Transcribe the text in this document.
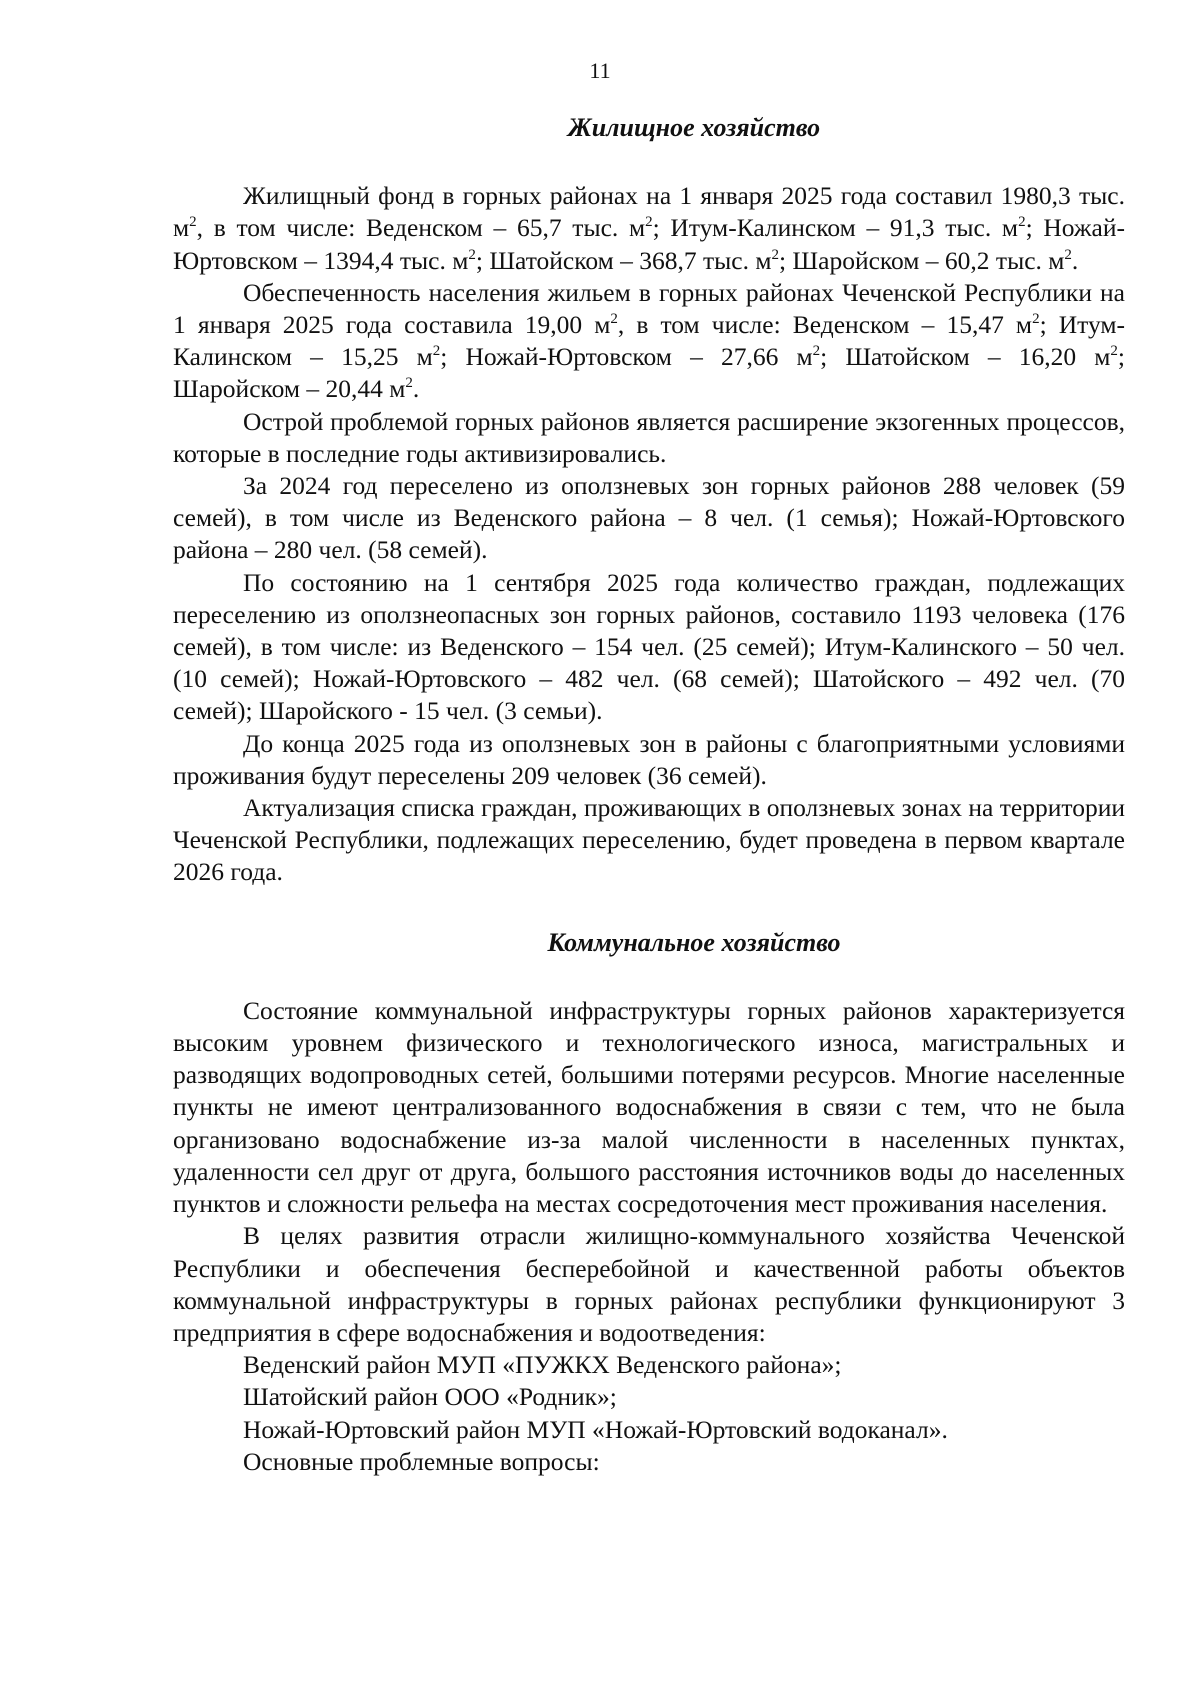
11
Жилищное хозяйство

Жилищный фонд в горных районах на 1 января 2025 года составил 1980,3 тыс. $м^2$, в том числе: Веденском – 65,7 тыс. $м^2$; Итум-Калинском – 91,3 тыс. $м^2$; Ножай-Юртовском – 1394,4 тыс. $м^2$; Шатойском – 368,7 тыс. $м^2$; Шаройском – 60,2 тыс. $м^2$.

Обеспеченность населения жильем в горных районах Чеченской Республики на 1 января 2025 года составила 19,00 $м^2$, в том числе: Веденском – 15,47 $м^2$; Итум-Калинском – 15,25 $м^2$; Ножай-Юртовском – 27,66 $м^2$; Шатойском – 16,20 $м^2$; Шаройском – 20,44 $м^2$.

Острой проблемой горных районов является расширение экзогенных процессов, которые в последние годы активизировались.

За 2024 год переселено из оползневых зон горных районов 288 человек (59 семей), в том числе из Веденского района – 8 чел. (1 семья); Ножай-Юртовского района – 280 чел. (58 семей).

По состоянию на 1 сентября 2025 года количество граждан, подлежащих переселению из оползнеопасных зон горных районов, составило 1193 человека (176 семей), в том числе: из Веденского – 154 чел. (25 семей); Итум-Калинского – 50 чел. (10 семей); Ножай-Юртовского – 482 чел. (68 семей); Шатойского – 492 чел. (70 семей); Шаройского - 15 чел. (3 семьи).

До конца 2025 года из оползневых зон в районы с благоприятными условиями проживания будут переселены 209 человек (36 семей).

Актуализация списка граждан, проживающих в оползневых зонах на территории Чеченской Республики, подлежащих переселению, будет проведена в первом квартале 2026 года.

Коммунальное хозяйство

Состояние коммунальной инфраструктуры горных районов характеризуется высоким уровнем физического и технологического износа, магистральных и разводящих водопроводных сетей, большими потерями ресурсов. Многие населенные пункты не имеют централизованного водоснабжения в связи с тем, что не была организовано водоснабжение из-за малой численности в населенных пунктах, удаленности сел друг от друга, большого расстояния источников воды до населенных пунктов и сложности рельефа на местах сосредоточения мест проживания населения.

В целях развития отрасли жилищно-коммунального хозяйства Чеченской Республики и обеспечения бесперебойной и качественной работы объектов коммунальной инфраструктуры в горных районах республики функционируют 3 предприятия в сфере водоснабжения и водоотведения:

Веденский район МУП «ПУЖКХ Веденского района»;

Шатойский район ООО «Родник»;

Ножай-Юртовский район МУП «Ножай-Юртовский водоканал».

Основные проблемные вопросы:
